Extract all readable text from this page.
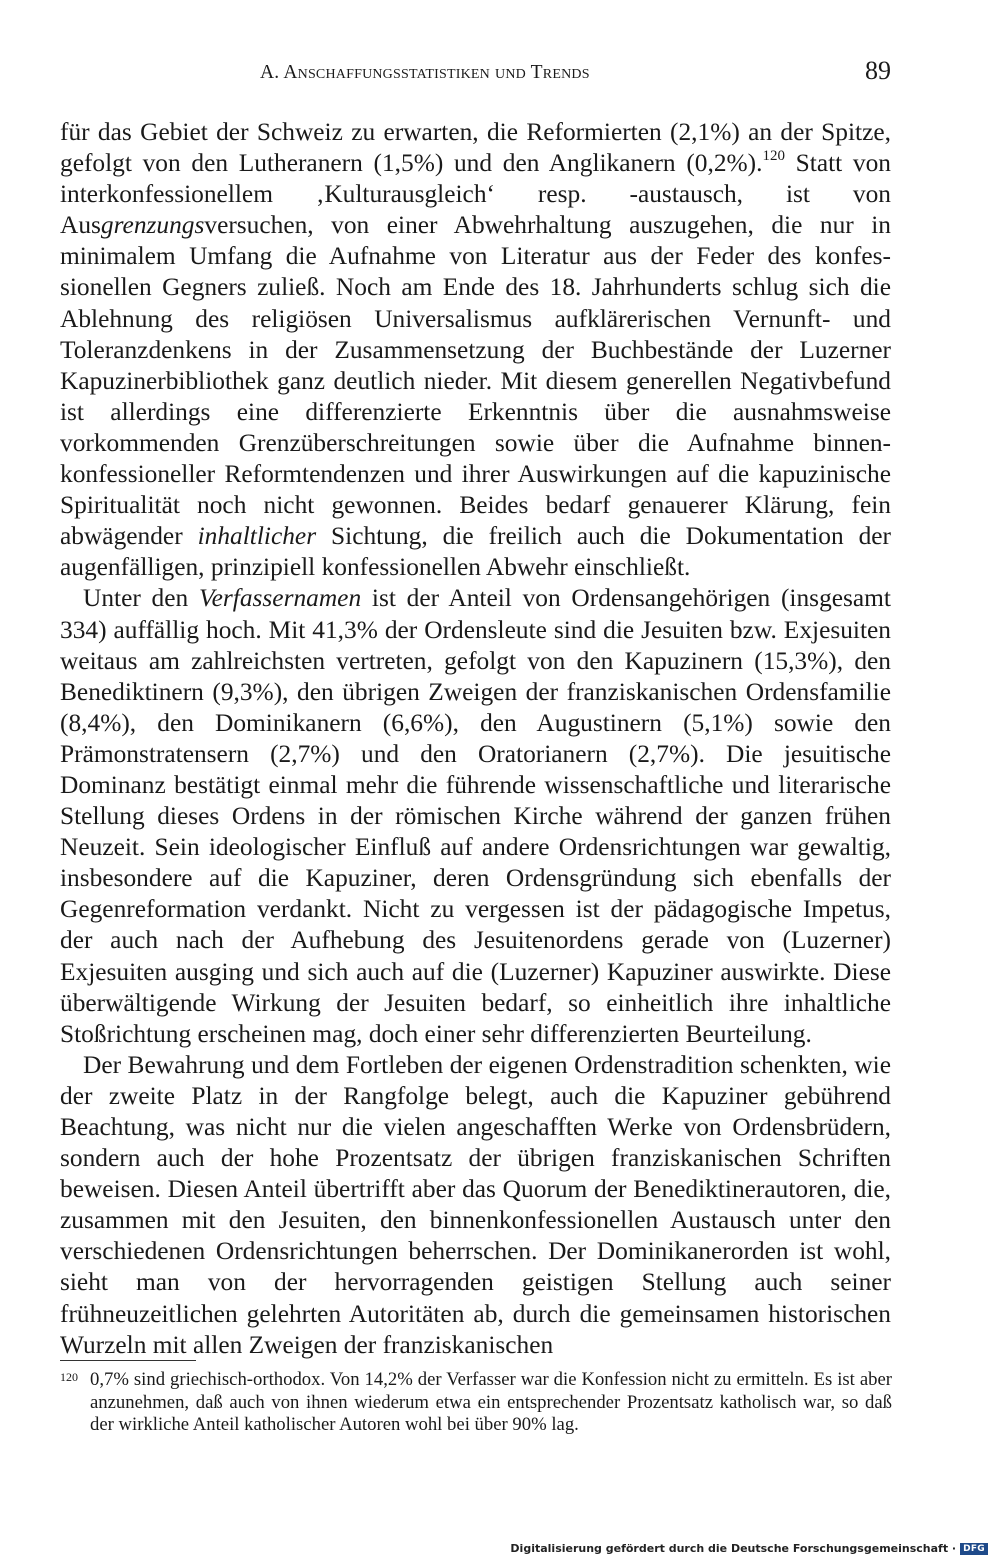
A. Anschaffungsstatistiken und Trends	89

für das Gebiet der Schweiz zu erwarten, die Reformierten (2,1%) an der Spitze, gefolgt von den Lutheranern (1,5%) und den Anglikanern (0,2%).$^{120}$ Statt von interkonfessionellem ‚Kulturausgleich‘ resp. -austausch, ist von Ausgrenzungsversuchen, von einer Abwehrhaltung auszugehen, die nur in minimalem Umfang die Aufnahme von Literatur aus der Feder des konfessionellen Gegners zuließ. Noch am Ende des 18. Jahrhunderts schlug sich die Ablehnung des religiösen Universalismus aufklärerischen Vernunft- und Toleranzdenkens in der Zusammensetzung der Buchbestände der Luzerner Kapuzinerbibliothek ganz deutlich nieder. Mit diesem generellen Negativbefund ist allerdings eine differenzierte Erkenntnis über die ausnahmsweise vorkommenden Grenzüberschreitungen sowie über die Aufnahme binnenkonfessioneller Reformtendenzen und ihrer Auswirkungen auf die kapuzinische Spiritualität noch nicht gewonnen. Beides bedarf genauerer Klärung, fein abwägender inhaltlicher Sichtung, die freilich auch die Dokumentation der augenfälligen, prinzipiell konfessionellen Abwehr einschließt.

Unter den Verfassernamen ist der Anteil von Ordensangehörigen (insgesamt 334) auffällig hoch. Mit 41,3% der Ordensleute sind die Jesuiten bzw. Exjesuiten weitaus am zahlreichsten vertreten, gefolgt von den Kapuzinern (15,3%), den Benediktinern (9,3%), den übrigen Zweigen der franziskanischen Ordensfamilie (8,4%), den Dominikanern (6,6%), den Augustinern (5,1%) sowie den Prämonstratensern (2,7%) und den Oratorianern (2,7%). Die jesuitische Dominanz bestätigt einmal mehr die führende wissenschaftliche und literarische Stellung dieses Ordens in der römischen Kirche während der ganzen frühen Neuzeit. Sein ideologischer Einfluß auf andere Ordensrichtungen war gewaltig, insbesondere auf die Kapuziner, deren Ordensgründung sich ebenfalls der Gegenreformation verdankt. Nicht zu vergessen ist der pädagogische Impetus, der auch nach der Aufhebung des Jesuitenordens gerade von (Luzerner) Exjesuiten ausging und sich auch auf die (Luzerner) Kapuziner auswirkte. Diese überwältigende Wirkung der Jesuiten bedarf, so einheitlich ihre inhaltliche Stoßrichtung erscheinen mag, doch einer sehr differenzierten Beurteilung.

Der Bewahrung und dem Fortleben der eigenen Ordenstradition schenkten, wie der zweite Platz in der Rangfolge belegt, auch die Kapuziner gebührend Beachtung, was nicht nur die vielen angeschafften Werke von Ordensbrüdern, sondern auch der hohe Prozentsatz der übrigen franziskanischen Schriften beweisen. Diesen Anteil übertrifft aber das Quorum der Benediktinerautoren, die, zusammen mit den Jesuiten, den binnenkonfessionellen Austausch unter den verschiedenen Ordensrichtungen beherrschen. Der Dominikanerorden ist wohl, sieht man von der hervorragenden geistigen Stellung auch seiner frühneuzeitlichen gelehrten Autoritäten ab, durch die gemeinsamen historischen Wurzeln mit allen Zweigen der franziskanischen

120 0,7% sind griechisch-orthodox. Von 14,2% der Verfasser war die Konfession nicht zu ermitteln. Es ist aber anzunehmen, daß auch von ihnen wiederum etwa ein entsprechender Prozentsatz katholisch war, so daß der wirkliche Anteil katholischer Autoren wohl bei über 90% lag.
Digitalisierung gefördert durch die Deutsche Forschungsgemeinschaft · DFG
